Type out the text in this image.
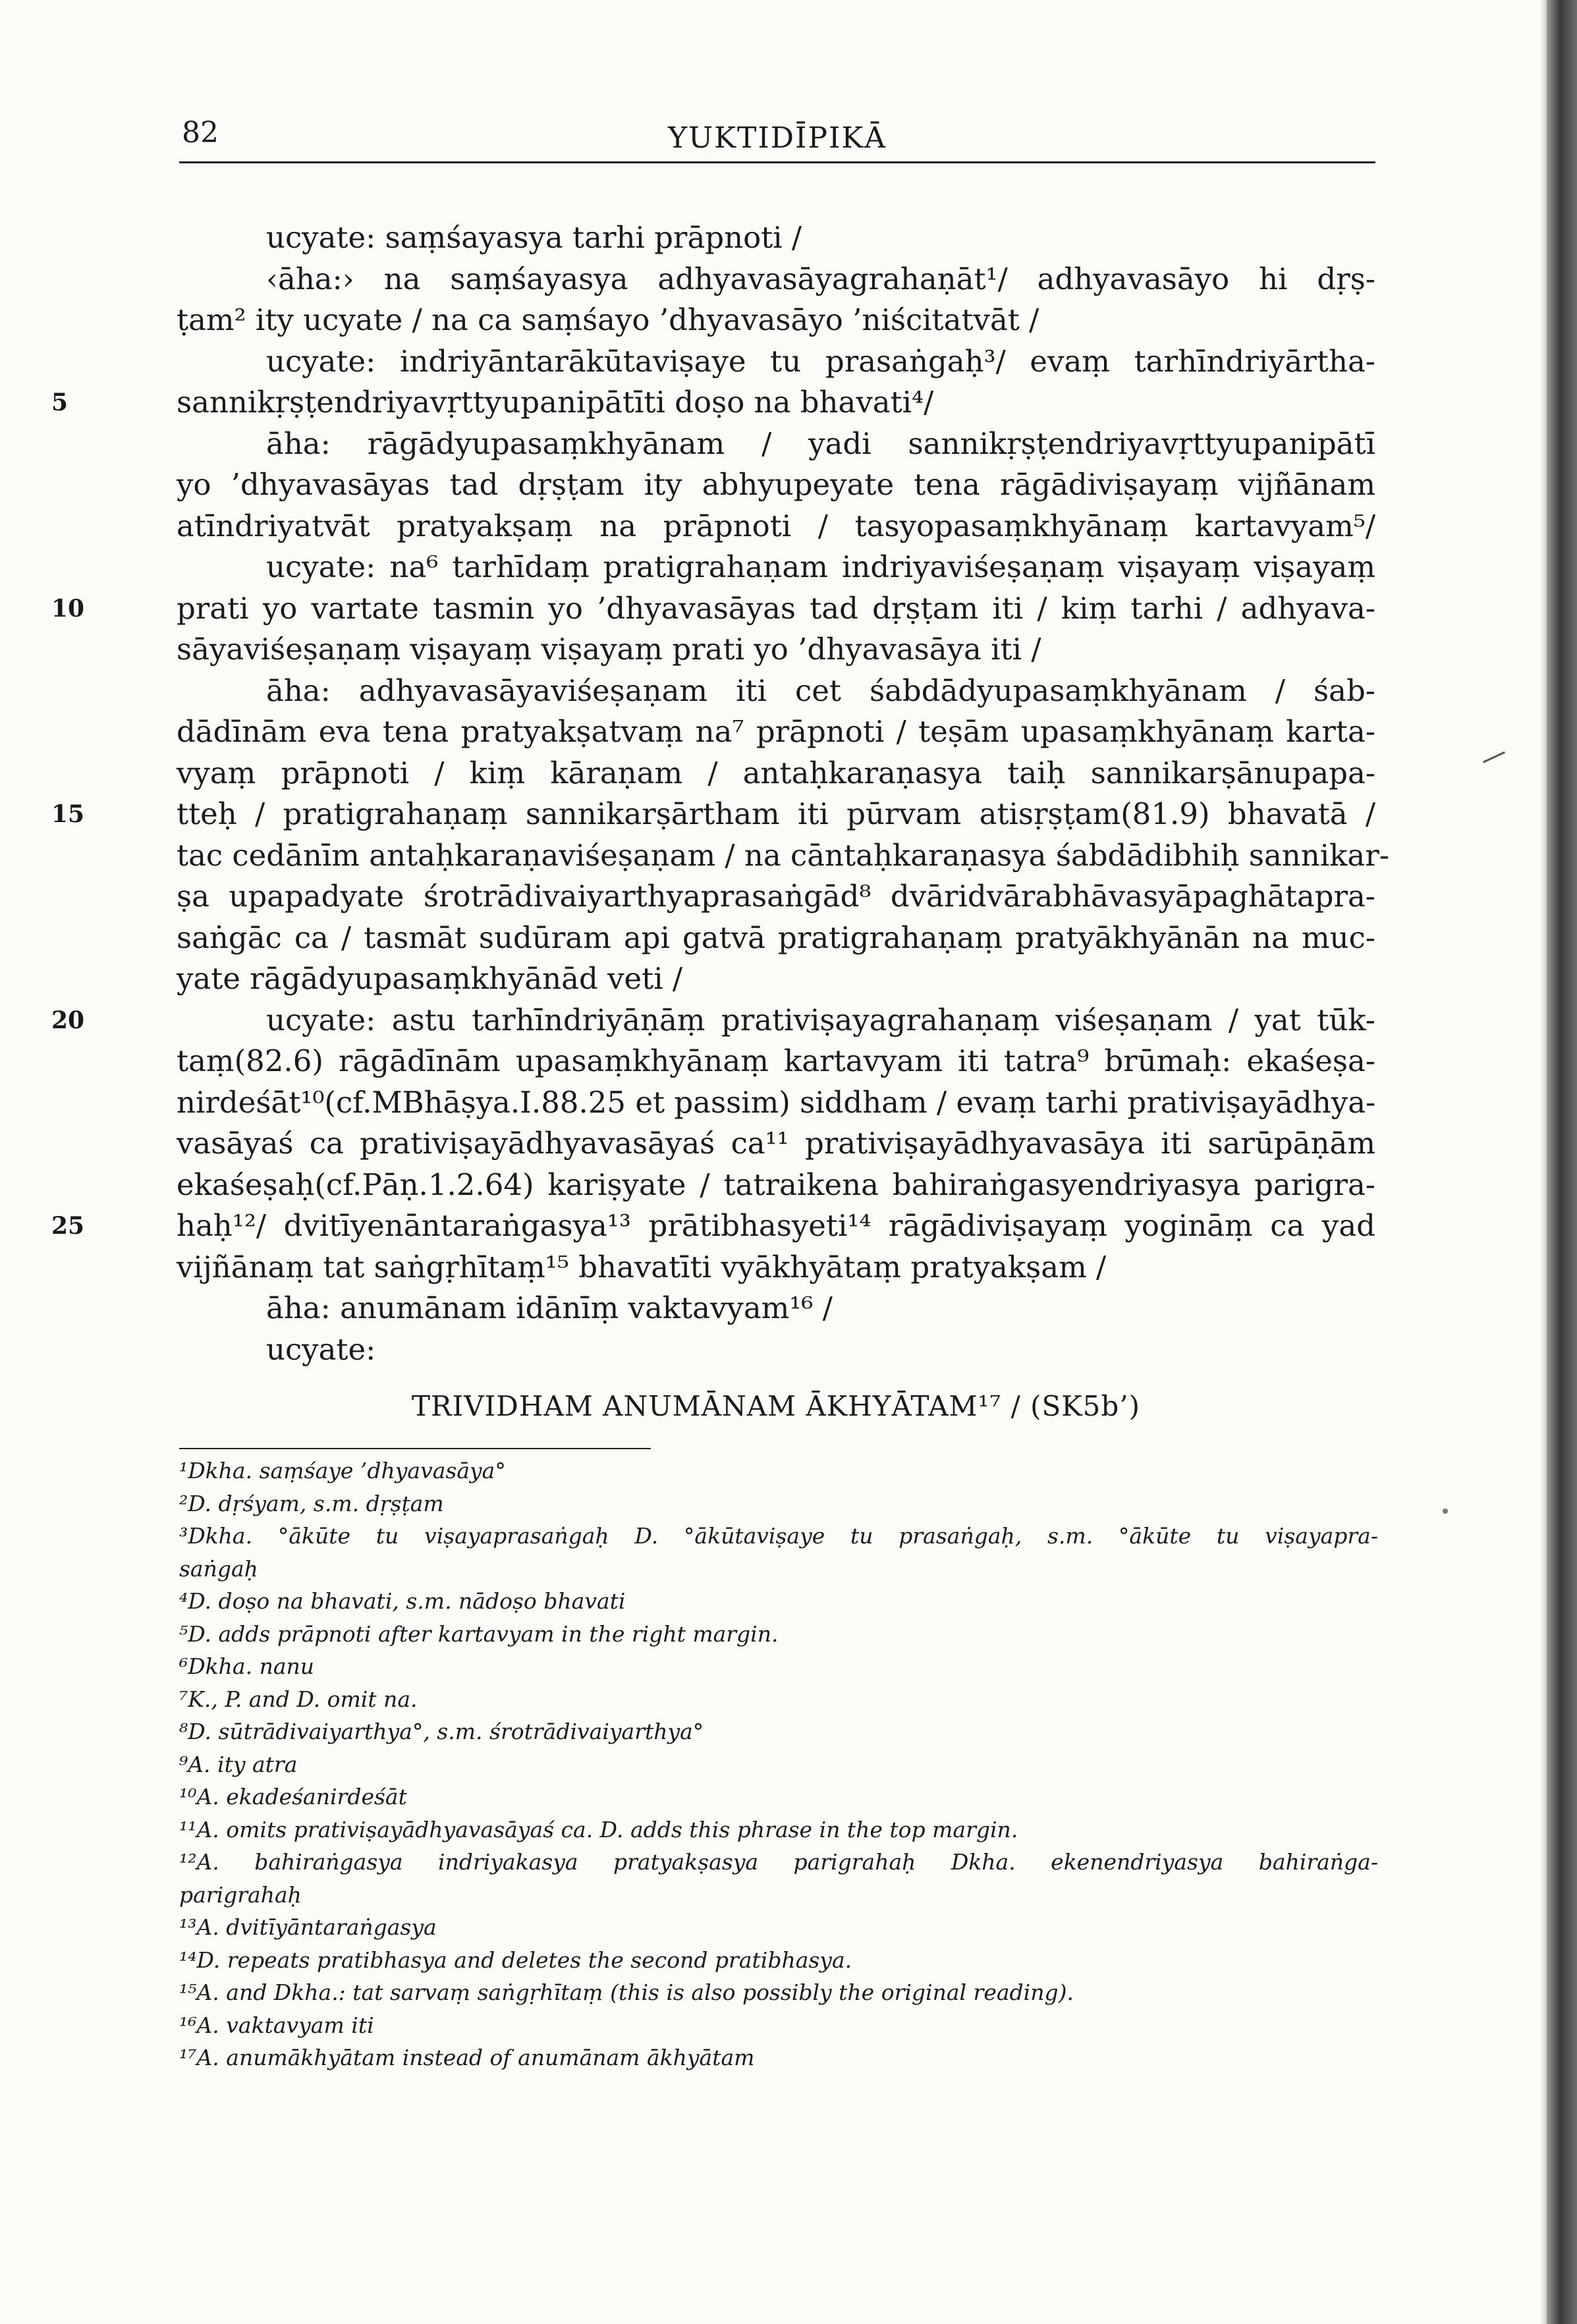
82	YUKTIDĪPIKĀ
ucyate: saṃśayasya tarhi prāpnoti /
‹āha:› na saṃśayasya adhyavasāyagrahaṇāt¹/ adhyavasāyo hi dṛṣ-
ṭam² ity ucyate / na ca saṃśayo ’dhyavasāyo ’niścitatvāt /
ucyate: indriyāntarākūtaviṣaye tu prasaṅgaḥ³/ evaṃ tarhīndriyārtha-
sannikṛṣṭendriyavṛttyupanipātīti doṣo na bhavati⁴/
5
āha: rāgādyupasaṃkhyānam / yadi sannikṛṣṭendriyavṛttyupanipātī
yo ’dhyavasāyas tad dṛṣṭam ity abhyupeyate tena rāgādiviṣayaṃ vijñānam
atīndriyatvāt pratyakṣaṃ na prāpnoti / tasyopasaṃkhyānaṃ kartavyam⁵/
ucyate: na⁶ tarhīdaṃ pratigrahaṇam indriyaviśeṣaṇaṃ viṣayaṃ viṣayaṃ
prati yo vartate tasmin yo ’dhyavasāyas tad dṛṣṭam iti / kiṃ tarhi / adhyava-
10
sāyaviśeṣaṇaṃ viṣayaṃ viṣayaṃ prati yo ’dhyavasāya iti /
āha: adhyavasāyaviśeṣaṇam iti cet śabdādyupasaṃkhyānam / śab-
dādīnām eva tena pratyakṣatvaṃ na⁷ prāpnoti / teṣām upasaṃkhyānaṃ karta-
vyaṃ prāpnoti / kiṃ kāraṇam / antaḥkaraṇasya taiḥ sannikarṣānupapa-
tteḥ / pratigrahaṇaṃ sannikarṣārtham iti pūrvam atisṛṣṭam(81.9) bhavatā /
15
tac cedānīm antaḥkaraṇaviśeṣaṇam / na cāntaḥkaraṇasya śabdādibhiḥ sannikar-
ṣa upapadyate śrotrādivaiyarthyaprasaṅgād⁸ dvāridvārabhāvasyāpaghātapra-
saṅgāc ca / tasmāt sudūram api gatvā pratigrahaṇaṃ pratyākhyānān na muc-
yate rāgādyupasaṃkhyānād veti /
ucyate: astu tarhīndriyāṇāṃ prativiṣayagrahaṇaṃ viśeṣaṇam / yat tūk-
20
taṃ(82.6) rāgādīnām upasaṃkhyānaṃ kartavyam iti tatra⁹ brūmaḥ: ekaśeṣa-
nirdeśāt¹⁰(cf.MBhāṣya.I.88.25 et passim) siddham / evaṃ tarhi prativiṣayādhya-
vasāyaś ca prativiṣayādhyavasāyaś ca¹¹ prativiṣayādhyavasāya iti sarūpāṇām
ekaśeṣaḥ(cf.Pāṇ.1.2.64) kariṣyate / tatraikena bahiraṅgasyendriyasya parigra-
haḥ¹²/ dvitīyenāntaraṅgasya¹³ prātibhasyeti¹⁴ rāgādiviṣayaṃ yogināṃ ca yad
25
vijñānaṃ tat saṅgṛhītaṃ¹⁵ bhavatīti vyākhyātaṃ pratyakṣam /
āha: anumānam idānīṃ vaktavyam¹⁶ /
ucyate:
TRIVIDHAM ANUMĀNAM ĀKHYĀTAM¹⁷ / (SK5b’)
¹Dkha. saṃśaye ’dhyavasāya°
²D. dṛśyam, s.m. dṛṣṭam
³Dkha. °ākūte tu viṣayaprasaṅgaḥ D. °ākūtaviṣaye tu prasaṅgaḥ, s.m. °ākūte tu viṣayapra-
saṅgaḥ
⁴D. doṣo na bhavati, s.m. nādoṣo bhavati
⁵D. adds prāpnoti after kartavyam in the right margin.
⁶Dkha. nanu
⁷K., P. and D. omit na.
⁸D. sūtrādivaiyarthya°, s.m. śrotrādivaiyarthya°
⁹A. ity atra
¹⁰A. ekadeśanirdeśāt
¹¹A. omits prativiṣayādhyavasāyaś ca. D. adds this phrase in the top margin.
¹²A. bahiraṅgasya indriyakasya pratyakṣasya parigrahaḥ Dkha. ekenendriyasya bahiraṅga-
parigrahaḥ
¹³A. dvitīyāntaraṅgasya
¹⁴D. repeats pratibhasya and deletes the second pratibhasya.
¹⁵A. and Dkha.: tat sarvaṃ saṅgṛhītaṃ (this is also possibly the original reading).
¹⁶A. vaktavyam iti
¹⁷A. anumākhyātam instead of anumānam ākhyātam
